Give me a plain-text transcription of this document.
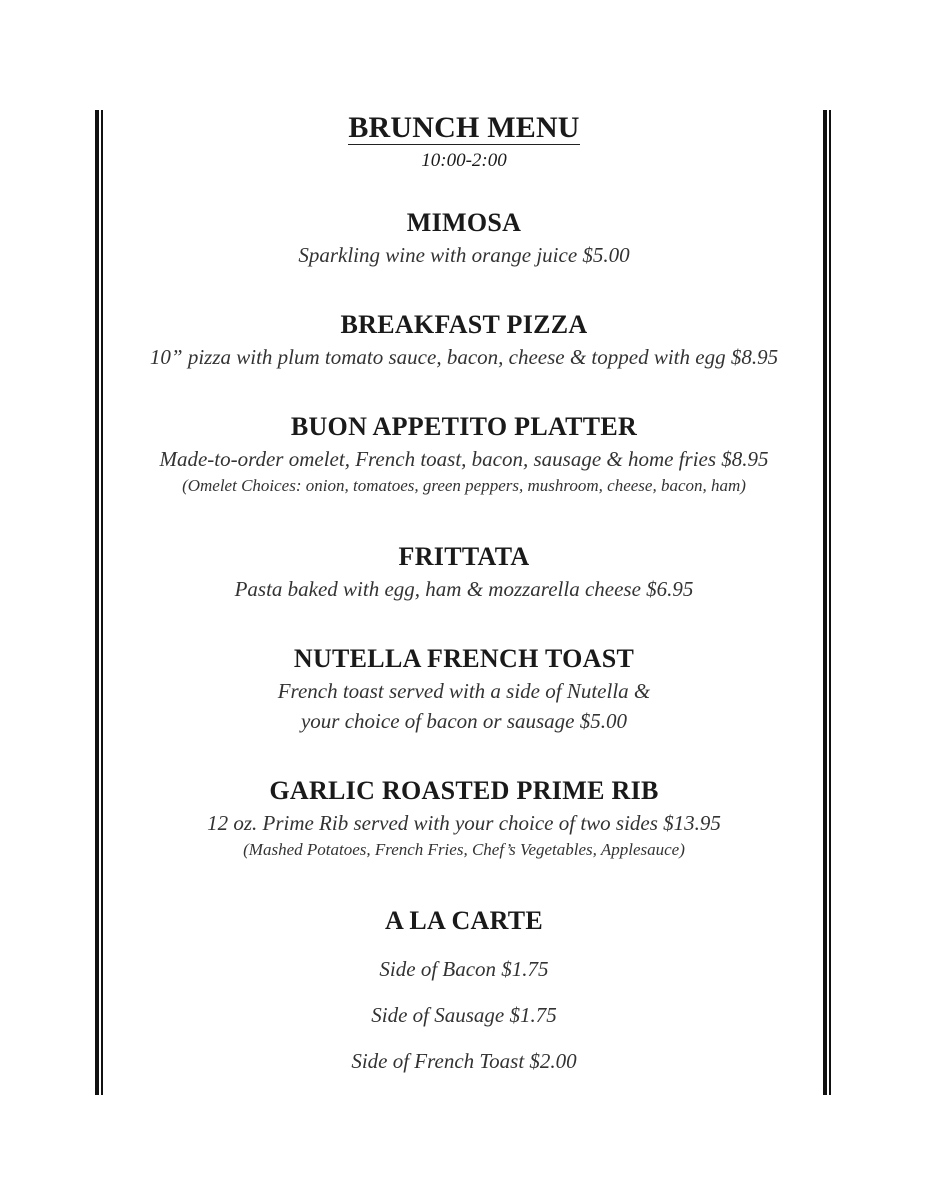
BRUNCH MENU
10:00-2:00
MIMOSA

Sparkling wine with orange juice $5.00

BREAKFAST PIZZA

10” pizza with plum tomato sauce, bacon, cheese & topped with egg $8.95

BUON APPETITO PLATTER

Made-to-order omelet, French toast, bacon, sausage & home fries $8.95

(Omelet Choices: onion, tomatoes, green peppers, mushroom, cheese, bacon, ham)

FRITTATA

Pasta baked with egg, ham & mozzarella cheese $6.95

NUTELLA FRENCH TOAST

French toast served with a side of Nutella &

your choice of bacon or sausage $5.00

GARLIC ROASTED PRIME RIB

12 oz. Prime Rib served with your choice of two sides $13.95

(Mashed Potatoes, French Fries, Chef’s Vegetables, Applesauce)

A LA CARTE

Side of Bacon $1.75

Side of Sausage $1.75

Side of French Toast $2.00
